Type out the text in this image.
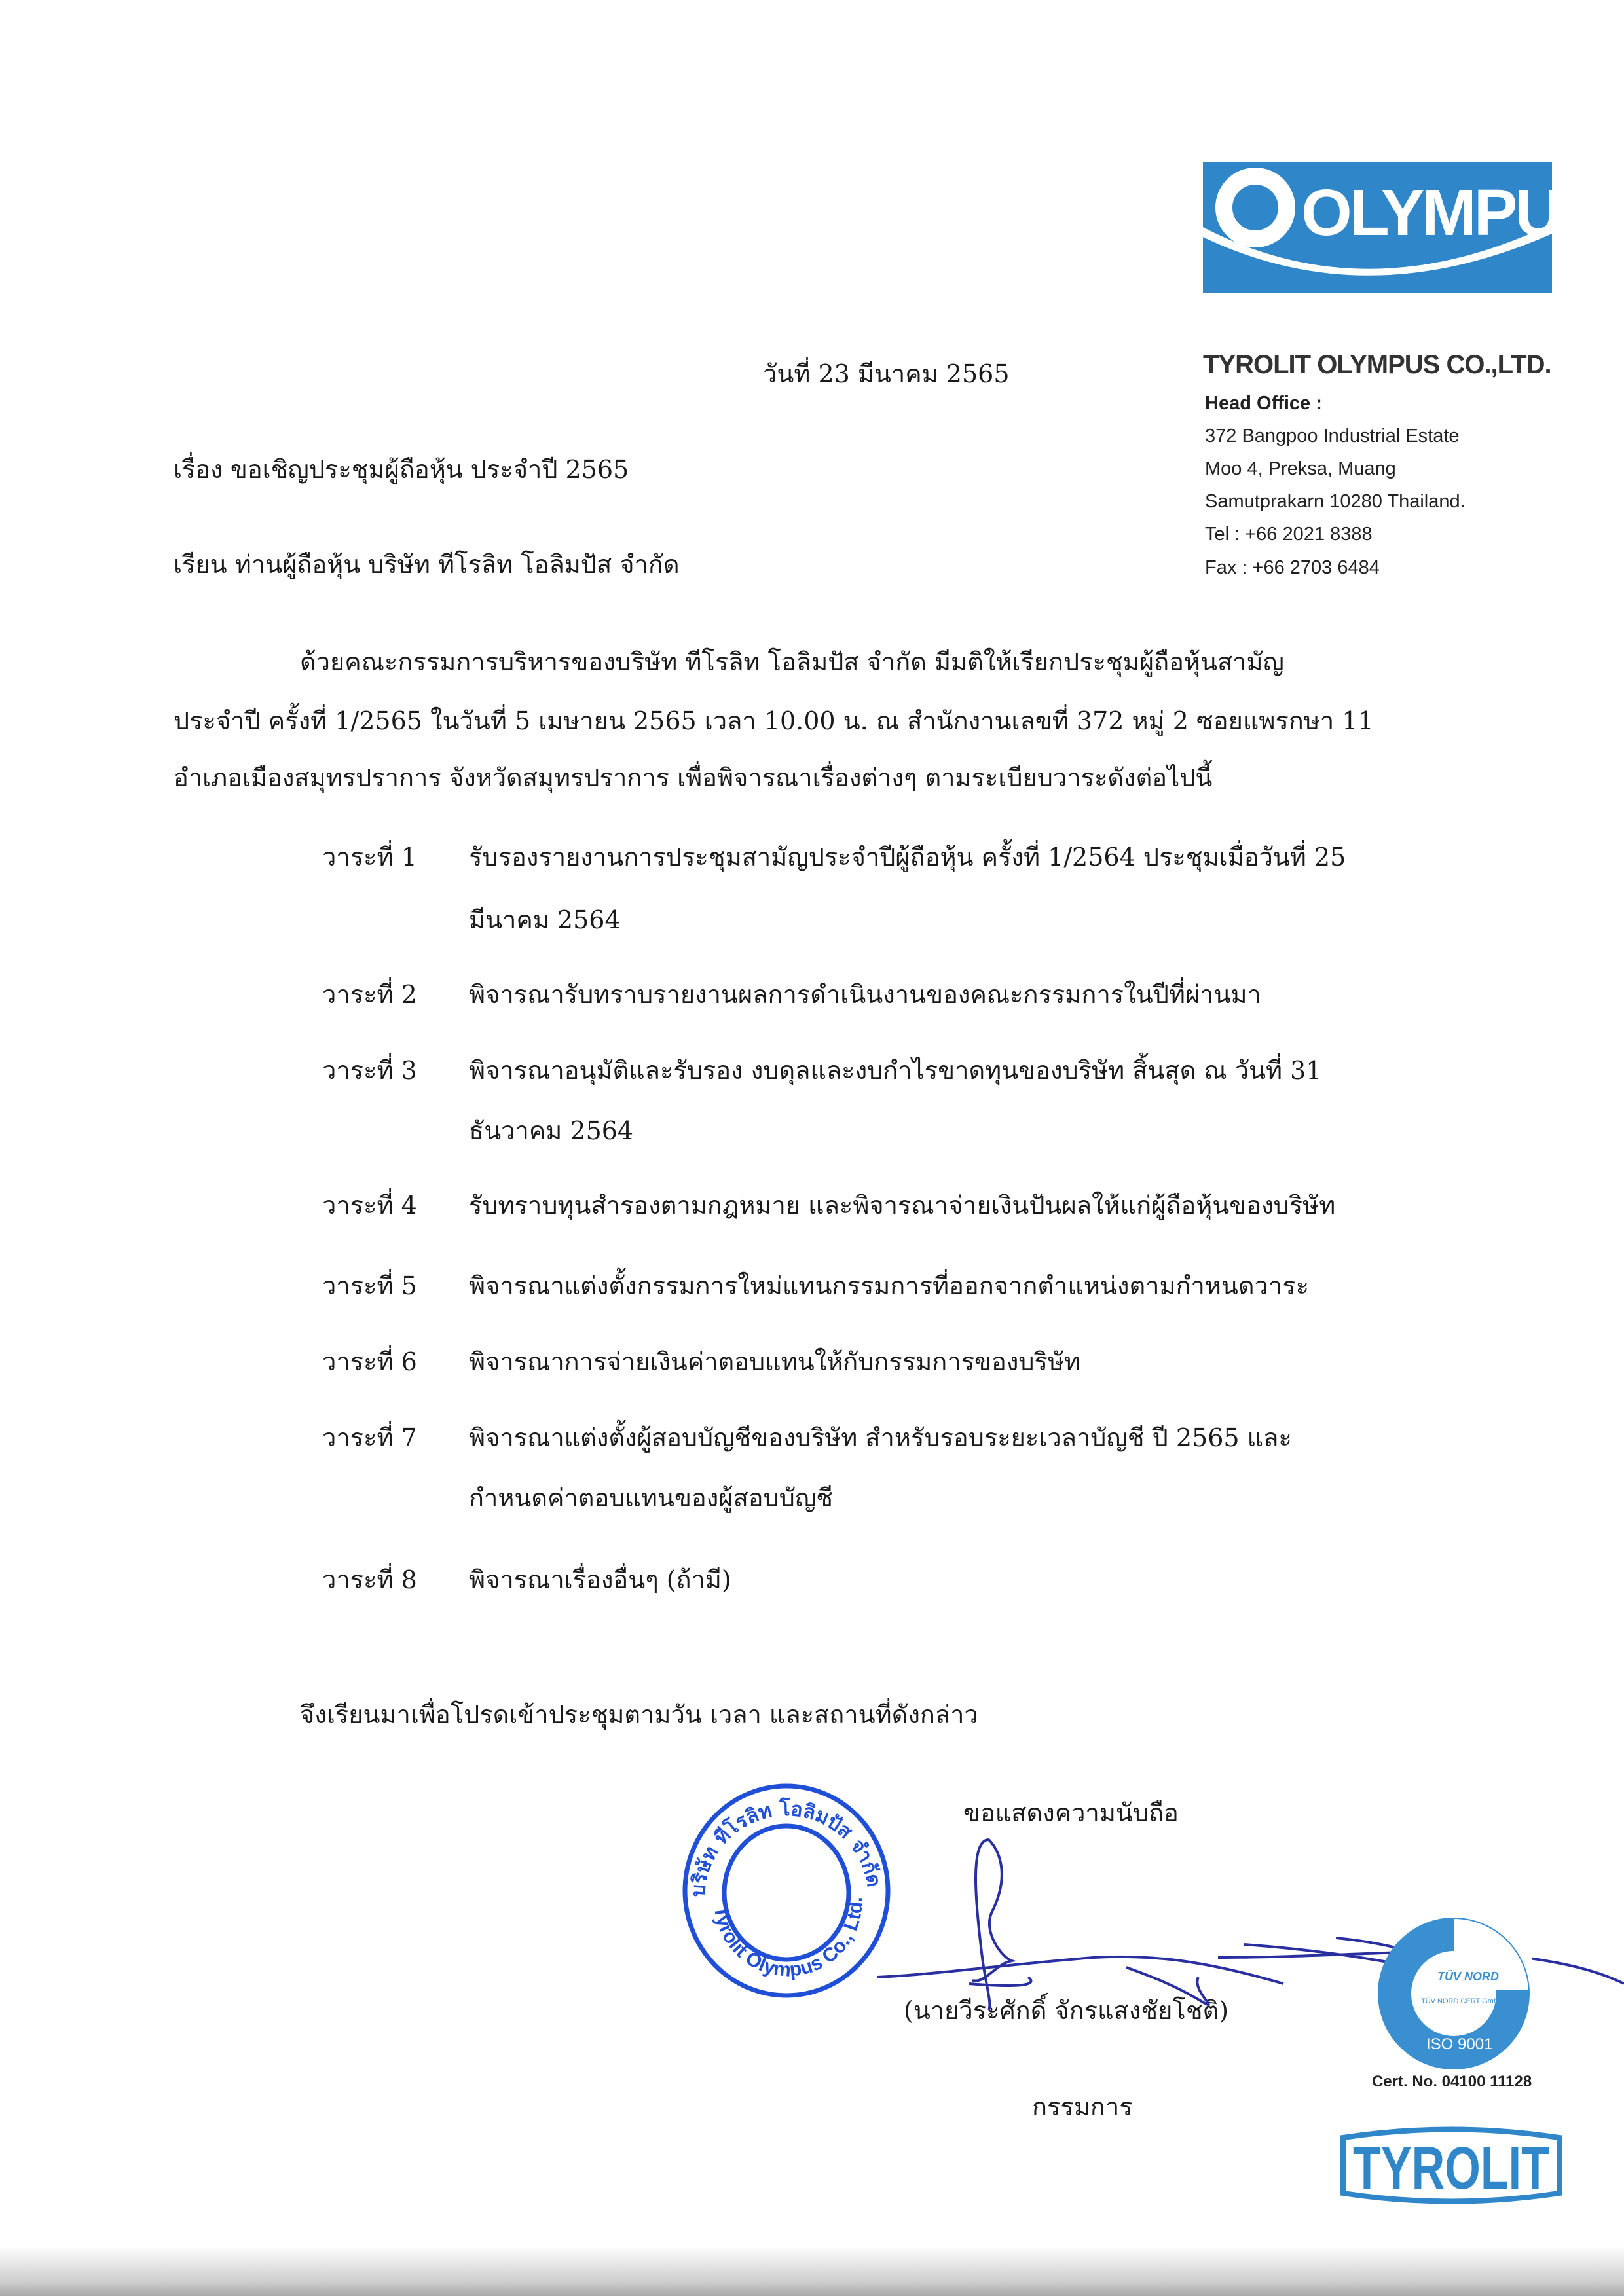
OLYMPUS
TYROLIT OLYMPUS CO.,LTD.
Head Office :
372 Bangpoo Industrial Estate
Moo 4, Preksa, Muang
Samutprakarn 10280 Thailand.
Tel : +66 2021 8388
Fax : +66 2703 6484
วันที่ 23 มีนาคม 2565
เรื่อง ขอเชิญประชุมผู้ถือหุ้น ประจำปี 2565
เรียน ท่านผู้ถือหุ้น บริษัท ทีโรลิท โอลิมปัส จำกัด
ด้วยคณะกรรมการบริหารของบริษัท ทีโรลิท โอลิมปัส จำกัด มีมติให้เรียกประชุมผู้ถือหุ้นสามัญ
ประจำปี ครั้งที่ 1/2565 ในวันที่ 5 เมษายน 2565 เวลา 10.00 น. ณ สำนักงานเลขที่ 372 หมู่ 2 ซอยแพรกษา 11
อำเภอเมืองสมุทรปราการ จังหวัดสมุทรปราการ เพื่อพิจารณาเรื่องต่างๆ ตามระเบียบวาระดังต่อไปนี้
วาระที่ 1 รับรองรายงานการประชุมสามัญประจำปีผู้ถือหุ้น ครั้งที่ 1/2564 ประชุมเมื่อวันที่ 25
มีนาคม 2564
วาระที่ 2 พิจารณารับทราบรายงานผลการดำเนินงานของคณะกรรมการในปีที่ผ่านมา
วาระที่ 3 พิจารณาอนุมัติและรับรอง งบดุลและงบกำไรขาดทุนของบริษัท สิ้นสุด ณ วันที่ 31
ธันวาคม 2564
วาระที่ 4 รับทราบทุนสำรองตามกฎหมาย และพิจารณาจ่ายเงินปันผลให้แก่ผู้ถือหุ้นของบริษัท
วาระที่ 5 พิจารณาแต่งตั้งกรรมการใหม่แทนกรรมการที่ออกจากตำแหน่งตามกำหนดวาระ
วาระที่ 6 พิจารณาการจ่ายเงินค่าตอบแทนให้กับกรรมการของบริษัท
วาระที่ 7 พิจารณาแต่งตั้งผู้สอบบัญชีของบริษัท สำหรับรอบระยะเวลาบัญชี ปี 2565 และ
กำหนดค่าตอบแทนของผู้สอบบัญชี
วาระที่ 8 พิจารณาเรื่องอื่นๆ (ถ้ามี)
จึงเรียนมาเพื่อโปรดเข้าประชุมตามวัน เวลา และสถานที่ดังกล่าว
ขอแสดงความนับถือ
(นายวีระศักดิ์ จักรแสงชัยโชติ)
กรรมการ
บริษัท ทีโรลิท โอลิมปัส จำกัด
Tyrolit Olympus Co., Ltd.
TÜV NORD
TÜV NORD CERT GmbH
ISO 9001
Cert. No. 04100 11128
TYROLIT
